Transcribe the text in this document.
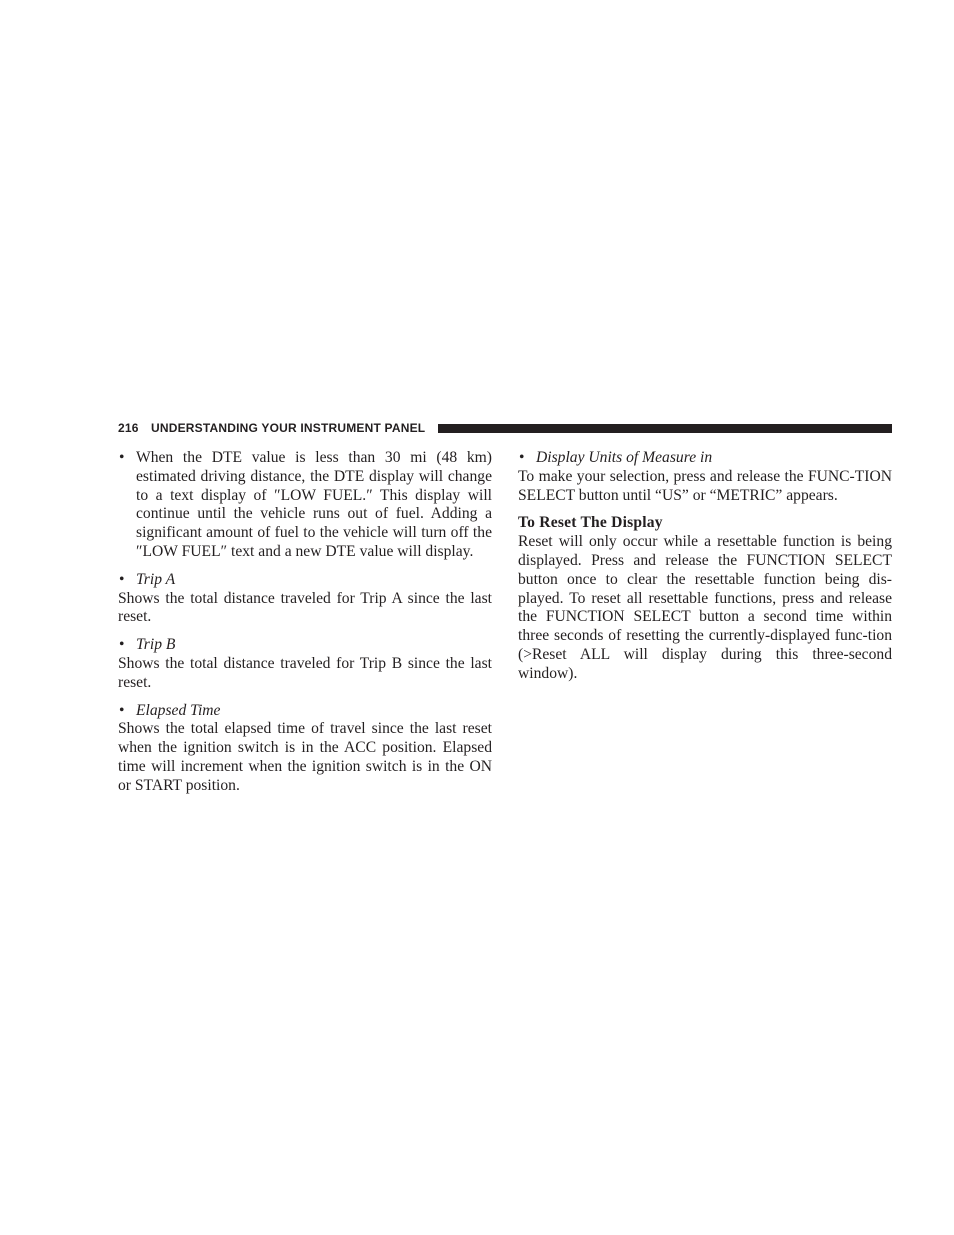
216 UNDERSTANDING YOUR INSTRUMENT PANEL

• When the DTE value is less than 30 mi (48 km) estimated driving distance, the DTE display will change to a text display of ″LOW FUEL.″ This display will continue until the vehicle runs out of fuel. Adding a significant amount of fuel to the vehicle will turn off the ″LOW FUEL″ text and a new DTE value will display.

• Trip A

Shows the total distance traveled for Trip A since the last reset.

• Trip B

Shows the total distance traveled for Trip B since the last reset.

• Elapsed Time

Shows the total elapsed time of travel since the last reset when the ignition switch is in the ACC position. Elapsed time will increment when the ignition switch is in the ON or START position.

• Display Units of Measure in

To make your selection, press and release the FUNC-TION SELECT button until “US” or “METRIC” appears.

To Reset The Display

Reset will only occur while a resettable function is being displayed. Press and release the FUNCTION SELECT button once to clear the resettable function being dis-played. To reset all resettable functions, press and release the FUNCTION SELECT button a second time within three seconds of resetting the currently-displayed func-tion (>Reset ALL will display during this three-second window).
